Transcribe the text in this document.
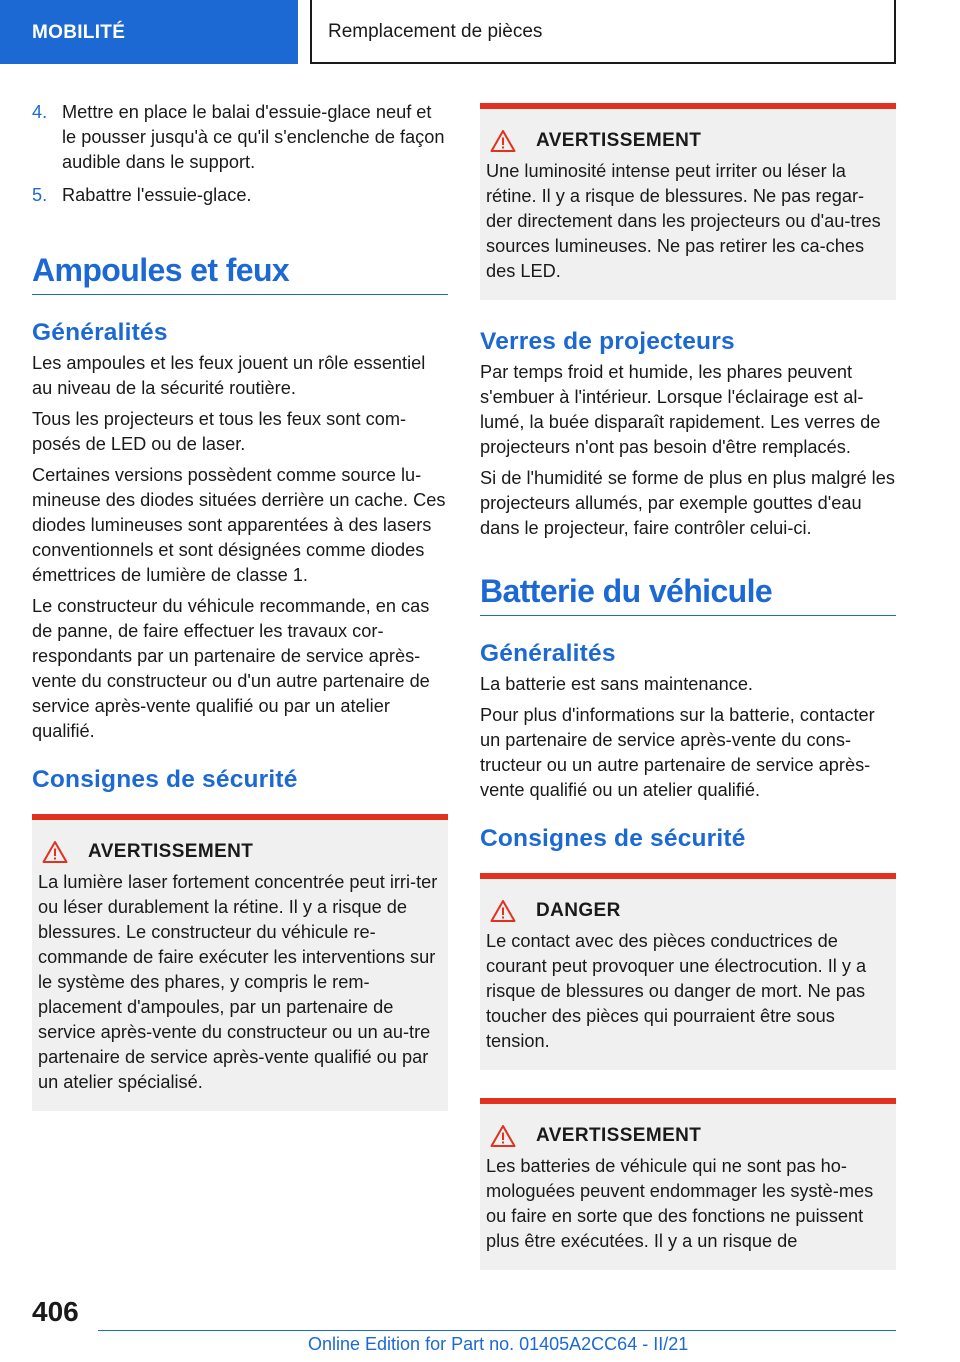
MOBILITÉ	Remplacement de pièces
4. Mettre en place le balai d'essuie-glace neuf et le pousser jusqu'à ce qu'il s'enclenche de façon audible dans le support.
5. Rabattre l'essuie-glace.
Ampoules et feux
Généralités

Les ampoules et les feux jouent un rôle essentiel au niveau de la sécurité routière.

Tous les projecteurs et tous les feux sont com-posés de LED ou de laser.

Certaines versions possèdent comme source lu-mineuse des diodes situées derrière un cache. Ces diodes lumineuses sont apparentées à des lasers conventionnels et sont désignées comme diodes émettrices de lumière de classe 1.

Le constructeur du véhicule recommande, en cas de panne, de faire effectuer les travaux cor-respondants par un partenaire de service après-vente du constructeur ou d'un autre partenaire de service après-vente qualifié ou par un atelier qualifié.

Consignes de sécurité
AVERTISSEMENT

La lumière laser fortement concentrée peut irri-ter ou léser durablement la rétine. Il y a risque de blessures. Le constructeur du véhicule re-commande de faire exécuter les interventions sur le système des phares, y compris le rem-placement d'ampoules, par un partenaire de service après-vente du constructeur ou un au-tre partenaire de service après-vente qualifié ou par un atelier spécialisé.

AVERTISSEMENT

Une luminosité intense peut irriter ou léser la rétine. Il y a risque de blessures. Ne pas regar-der directement dans les projecteurs ou d'au-tres sources lumineuses. Ne pas retirer les ca-ches des LED.

Verres de projecteurs

Par temps froid et humide, les phares peuvent s'embuer à l'intérieur. Lorsque l'éclairage est al-lumé, la buée disparaît rapidement. Les verres de projecteurs n'ont pas besoin d'être remplacés.

Si de l'humidité se forme de plus en plus malgré les projecteurs allumés, par exemple gouttes d'eau dans le projecteur, faire contrôler celui-ci.

Batterie du véhicule
Généralités

La batterie est sans maintenance.

Pour plus d'informations sur la batterie, contacter un partenaire de service après-vente du cons-tructeur ou un autre partenaire de service après-vente qualifié ou un atelier qualifié.

Consignes de sécurité
DANGER

Le contact avec des pièces conductrices de courant peut provoquer une électrocution. Il y a risque de blessures ou danger de mort. Ne pas toucher des pièces qui pourraient être sous tension.

AVERTISSEMENT

Les batteries de véhicule qui ne sont pas ho-mologuées peuvent endommager les systè-mes ou faire en sorte que des fonctions ne puissent plus être exécutées. Il y a un risque de

406
Online Edition for Part no. 01405A2CC64 - II/21
